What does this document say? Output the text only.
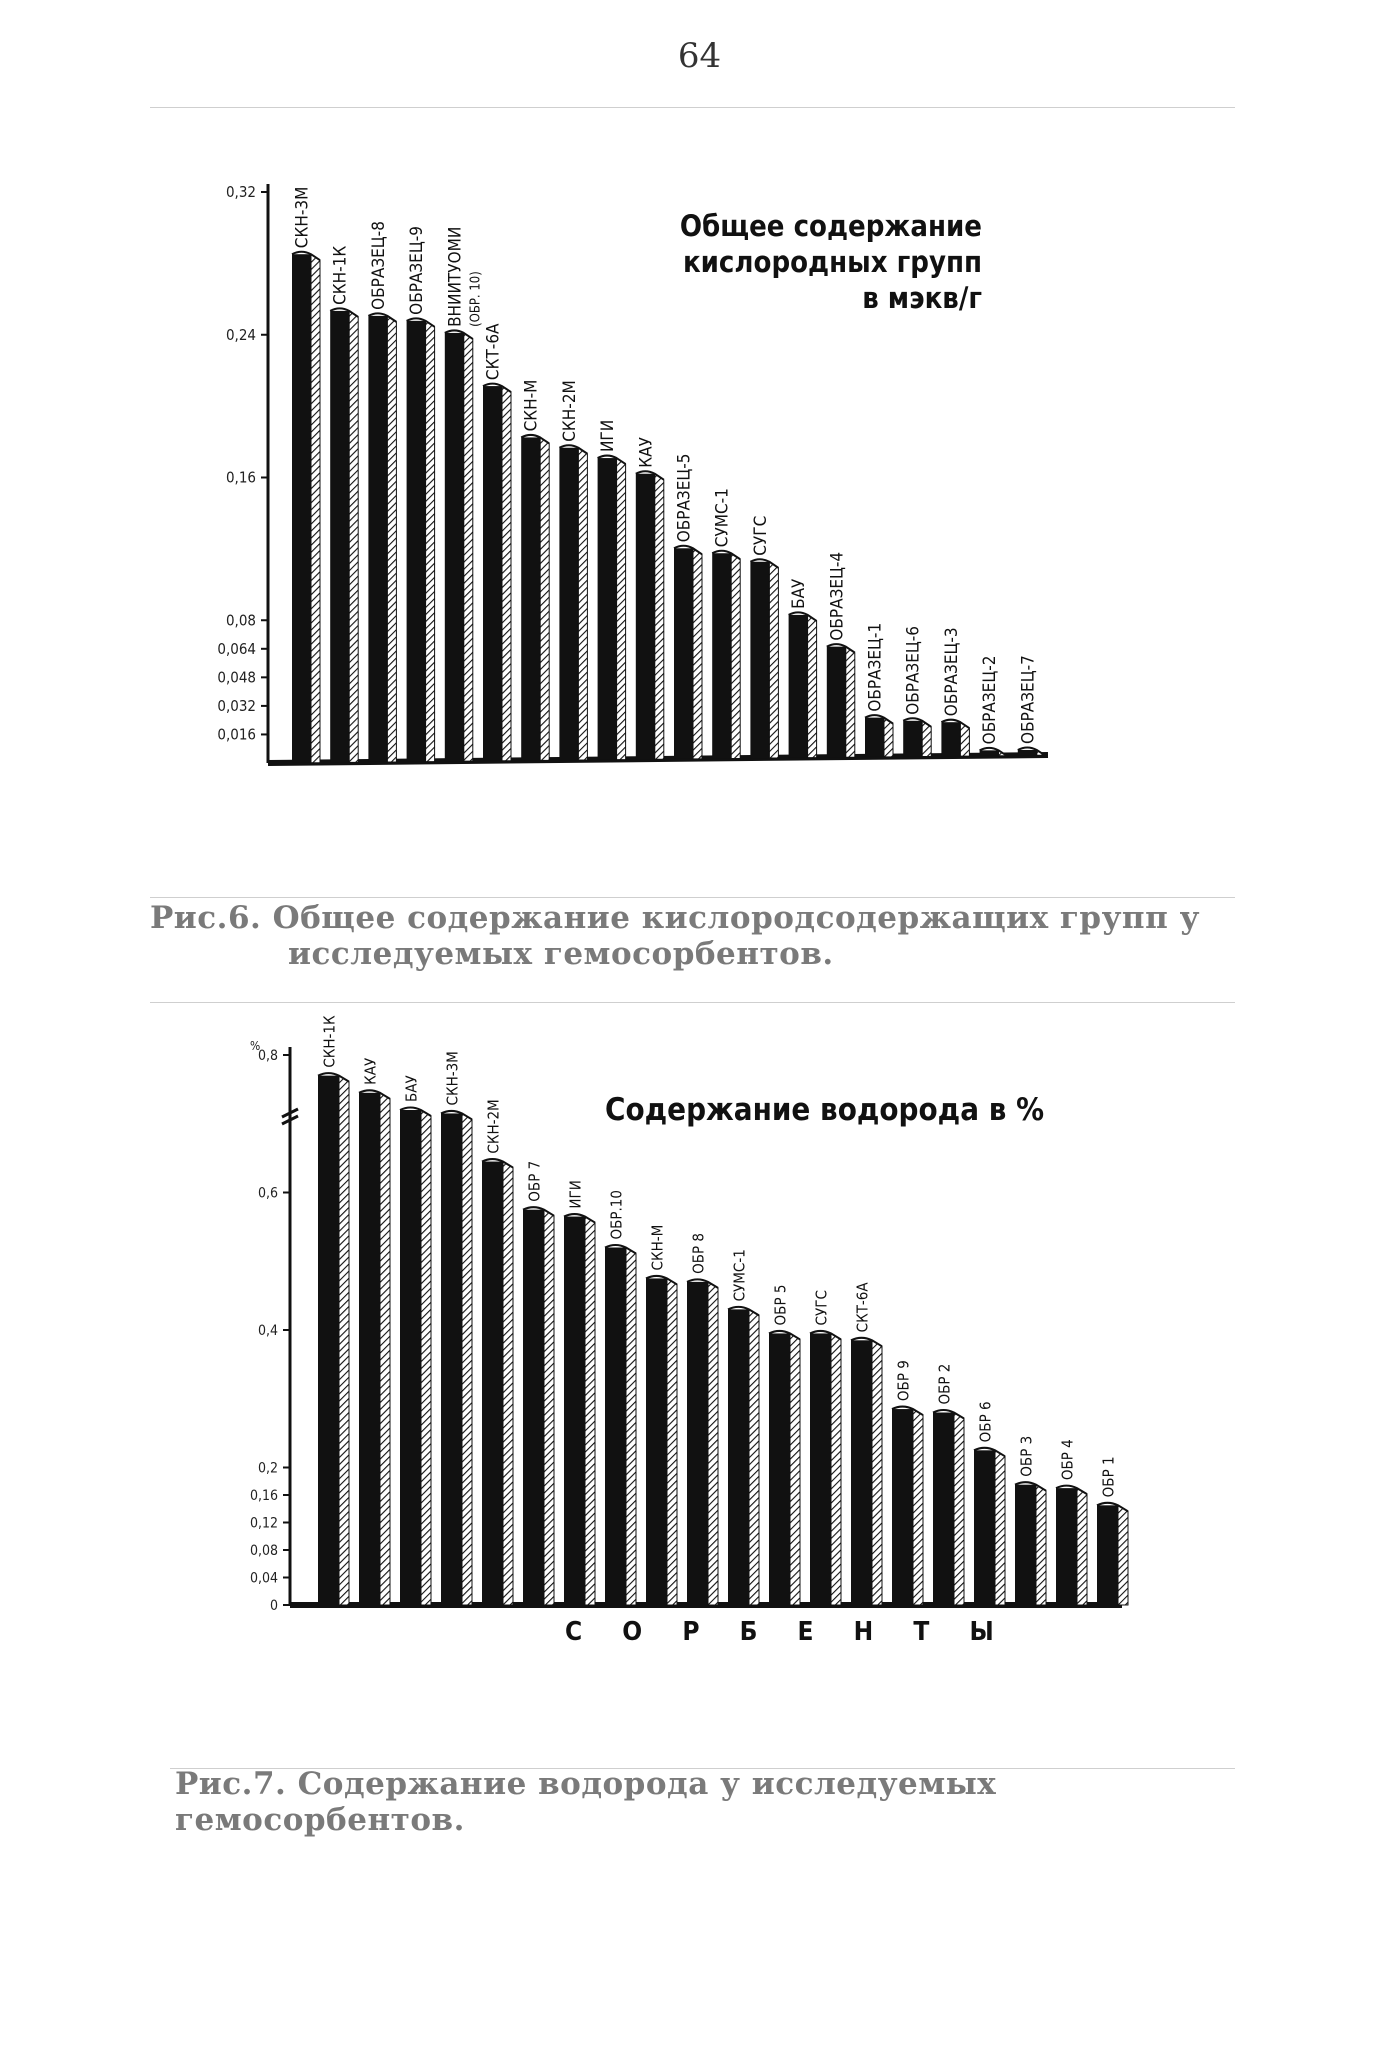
64
0,32
0,24
0,16
0,08
0,064
0,048
0,032
0,016
СКН-3М
СКН-1К ОБРАЗЕЦ-8 ОБРАЗЕЦ-9 ВНИИТУОМИ (ОБР. 10)
СКТ-6А
СКН-М СКН-2М ИГИ
КАУ
ОБРАЗЕЦ-5 СУМС-1 СУГС
БАУ ОБРАЗЕЦ-4
ОБРАЗЕЦ-1 ОБРАЗЕЦ-6 ОБРАЗЕЦ-3 ОБРАЗЕЦ-2 ОБРАЗЕЦ-7
Общее содержание кислородных групп в мэкв/г
0,8
0,6
0,4
0,2
0,16
0,12
0,08
0,04
0
%	СКН-1К
КАУ
БАУ СКН-3М
СКН-2М
ОБР 7 ИГИ ОБР.10
СКН-М ОБР 8 СУМС-1
ОБР 5 СУГС СКТ-6А
ОБР 9 ОБР 2
ОБР 6
ОБР 3 ОБР 4 ОБР 1
Содержание водорода в %
С О Р Б Е Н Т Ы
Рис.6. Общее содержание кислородсодержащих групп у
исследуемых гемосорбентов.
Рис.7. Содержание водорода у исследуемых гемосорбентов.
